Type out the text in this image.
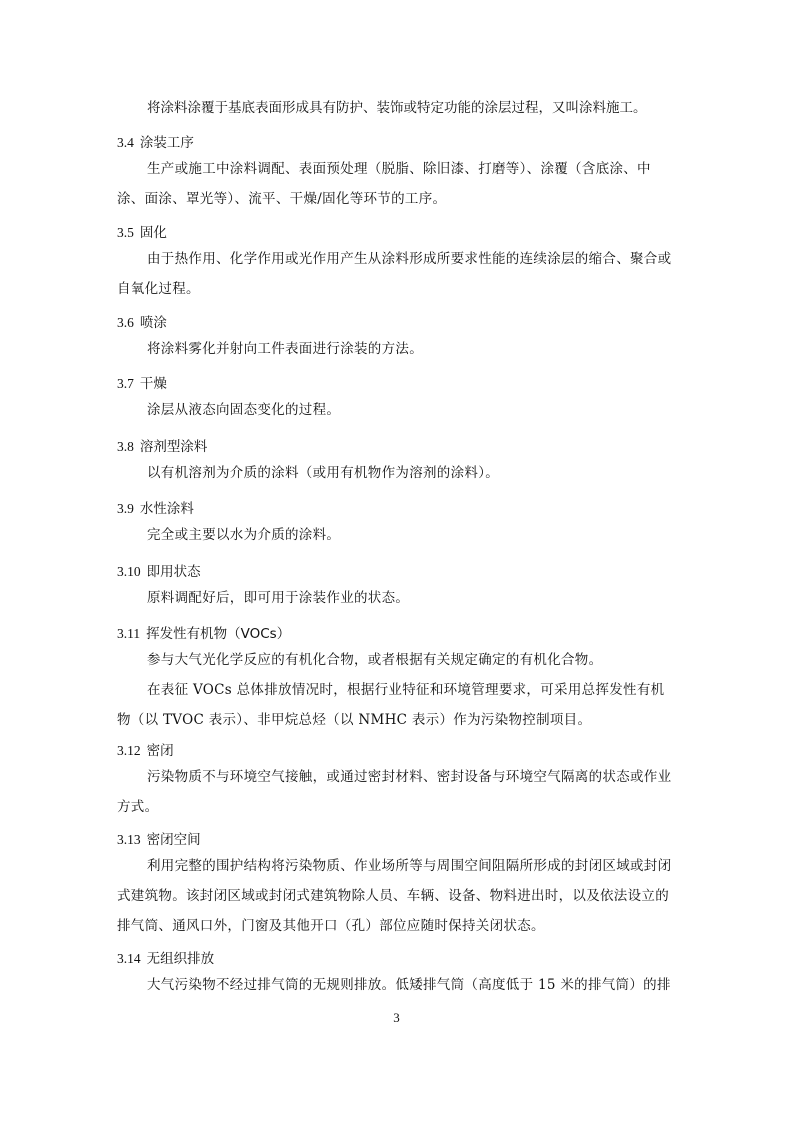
将涂料涂覆于基底表面形成具有防护、装饰或特定功能的涂层过程，又叫涂料施工。
3.4 涂装工序

生产或施工中涂料调配、表面预处理（脱脂、除旧漆、打磨等）、涂覆（含底涂、中涂、面涂、罩光等）、流平、干燥/固化等环节的工序。

3.5 固化

由于热作用、化学作用或光作用产生从涂料形成所要求性能的连续涂层的缩合、聚合或自氧化过程。

3.6 喷涂

将涂料雾化并射向工件表面进行涂装的方法。

3.7 干燥

涂层从液态向固态变化的过程。

3.8 溶剂型涂料

以有机溶剂为介质的涂料（或用有机物作为溶剂的涂料）。

3.9 水性涂料

完全或主要以水为介质的涂料。

3.10 即用状态

原料调配好后，即可用于涂装作业的状态。

3.11 挥发性有机物（VOCs）

参与大气光化学反应的有机化合物，或者根据有关规定确定的有机化合物。

在表征 VOCs 总体排放情况时，根据行业特征和环境管理要求，可采用总挥发性有机物（以 TVOC 表示）、非甲烷总烃（以 NMHC 表示）作为污染物控制项目。

3.12 密闭

污染物质不与环境空气接触，或通过密封材料、密封设备与环境空气隔离的状态或作业方式。

3.13 密闭空间

利用完整的围护结构将污染物质、作业场所等与周围空间阻隔所形成的封闭区域或封闭式建筑物。该封闭区域或封闭式建筑物除人员、车辆、设备、物料进出时，以及依法设立的排气筒、通风口外，门窗及其他开口（孔）部位应随时保持关闭状态。

3.14 无组织排放

大气污染物不经过排气筒的无规则排放。低矮排气筒（高度低于 15 米的排气筒）的排

3
